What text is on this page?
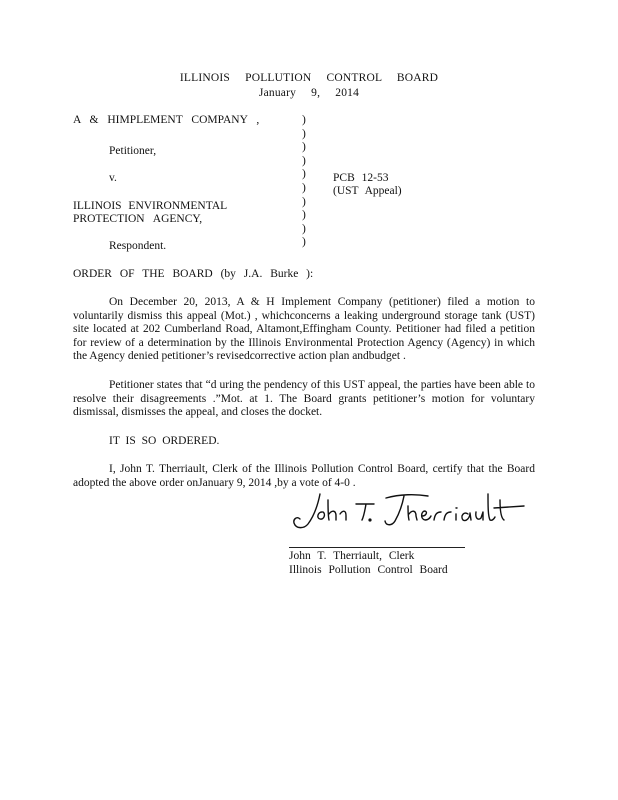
ILLINOIS POLLUTION CONTROL BOARD
January 9, 2014
A & HIMPLEMENT COMPANY ,
Petitioner,
v.
ILLINOIS ENVIRONMENTAL
PROTECTION AGENCY,
Respondent.
)
)
)
)
)
)
)
)
)
)
PCB 12-53
(UST Appeal)
ORDER OF THE BOARD (by J.A. Burke ):
On December 20, 2013, A & H Implement Company (petitioner) filed a motion to voluntarily dismiss this appeal (Mot.) , whichconcerns a leaking underground storage tank (UST) site located at 202 Cumberland Road, Altamont,Effingham County. Petitioner had filed a petition for review of a determination by the Illinois Environmental Protection Agency (Agency) in which the Agency denied petitioner’s revisedcorrective action plan andbudget .
Petitioner states that “d uring the pendency of this UST appeal, the parties have been able to resolve their disagreements .”Mot. at 1. The Board grants petitioner’s motion for voluntary dismissal, dismisses the appeal, and closes the docket.
IT IS SO ORDERED.
I, John T. Therriault, Clerk of the Illinois Pollution Control Board, certify that the Board adopted the above order onJanuary 9, 2014 ,by a vote of 4-0 .
John T. Therriault, Clerk
Illinois Pollution Control Board
